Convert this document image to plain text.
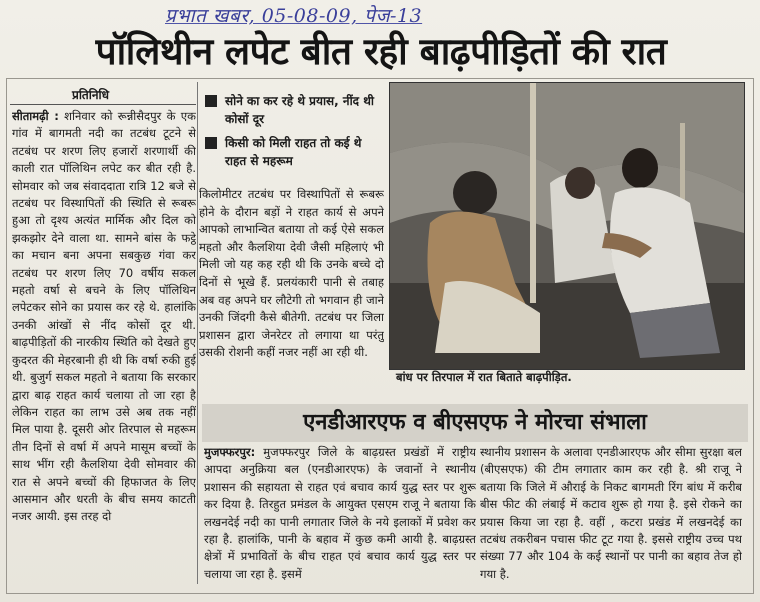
प्रभात खबर, 05-08-09, पेज-13
पॉलिथीन लपेट बीत रही बाढ़पीड़ितों की रात
प्रतिनिधि
सीतामढ़ी : शनिवार को रून्नीसैदपुर के एक गांव में बागमती नदी का तटबंध टूटने से तटबंध पर शरण लिए हजारों शरणार्थी की काली रात पॉलिथिन लपेट कर बीत रही है. सोमवार को जब संवाददाता रात्रि 12 बजे से तटबंध पर विस्थापितों की स्थिति से रूबरू हुआ तो दृश्य अत्यंत मार्मिक और दिल को झकझोर देने वाला था. सामने बांस के फट्ठे का मचान बना अपना सबकुछ गंवा कर तटबंध पर शरण लिए 70 वर्षीय सकल महतो वर्षा से बचने के लिए पॉलिथिन लपेटकर सोने का प्रयास कर रहे थे. हालांकि उनकी आंखों से नींद कोसों दूर थी. बाढ़पीड़ितों की नारकीय स्थिति को देखते हुए कुदरत की मेहरबानी ही थी कि वर्षा रुकी हुई थी. बुजुर्ग सकल महतो ने बताया कि सरकार द्वारा बाढ़ राहत कार्य चलाया तो जा रहा है लेकिन राहत का लाभ उसे अब तक नहीं मिल पाया है. दूसरी ओर तिरपाल से महरूम तीन दिनों से वर्षा में अपने मासूम बच्चों के साथ भींग रही कैलशिया देवी सोमवार की रात से अपने बच्चों की हिफाजत के लिए आसमान और धरती के बीच समय काटती नजर आयी. इस तरह दो
सोने का कर रहे थे प्रयास, नींद थी कोसों दूर
किसी को मिली राहत तो कई थे राहत से महरूम
किलोमीटर तटबंध पर विस्थापितों से रूबरू होने के दौरान बड़ों ने राहत कार्य से अपने आपको लाभान्वित बताया तो कई ऐसे सकल महतो और कैलशिया देवी जैसी महिलाएं भी मिली जो यह कह रही थी कि उनके बच्चे दो दिनों से भूखे हैं. प्रलयंकारी पानी से तबाह अब वह अपने घर लौटेगी तो भगवान ही जाने उनकी जिंदगी कैसे बीतेगी. तटबंध पर जिला प्रशासन द्वारा जेनरेटर तो लगाया था परंतु उसकी रोशनी कहीं नजर नहीं आ रही थी.
बांध पर तिरपाल में रात बिताते बाढ़पीड़ित.
एनडीआरएफ व बीएसएफ ने मोरचा संभाला
मुजफ्फरपुर: मुजफ्फरपुर जिले के बाढ़ग्रस्त प्रखंडों में राष्ट्रीय आपदा अनुक्रिया बल (एनडीआरएफ) के जवानों ने स्थानीय प्रशासन की सहायता से राहत एवं बचाव कार्य युद्ध स्तर पर शुरू कर दिया है. तिरहुत प्रमंडल के आयुक्त एसएम राजू ने बताया कि लखनदेई नदी का पानी लगातार जिले के नये इलाकों में प्रवेश कर रहा है. हालांकि, पानी के बहाव में कुछ कमी आयी है. बाढ़ग्रस्त क्षेत्रों में प्रभावितों के बीच राहत एवं बचाव कार्य युद्ध स्तर पर चलाया जा रहा है. इसमें
स्थानीय प्रशासन के अलावा एनडीआरएफ और सीमा सुरक्षा बल (बीएसएफ) की टीम लगातार काम कर रही है. श्री राजू ने बताया कि जिले में औराई के निकट बागमती रिंग बांध में करीब बीस फीट की लंबाई में कटाव शुरू हो गया है. इसे रोकने का प्रयास किया जा रहा है. वहीं , कटरा प्रखंड में लखनदेई का तटबंध तकरीबन पचास फीट टूट गया है. इससे राष्ट्रीय उच्च पथ संख्या 77 और 104 के कई स्थानों पर पानी का बहाव तेज हो गया है.
